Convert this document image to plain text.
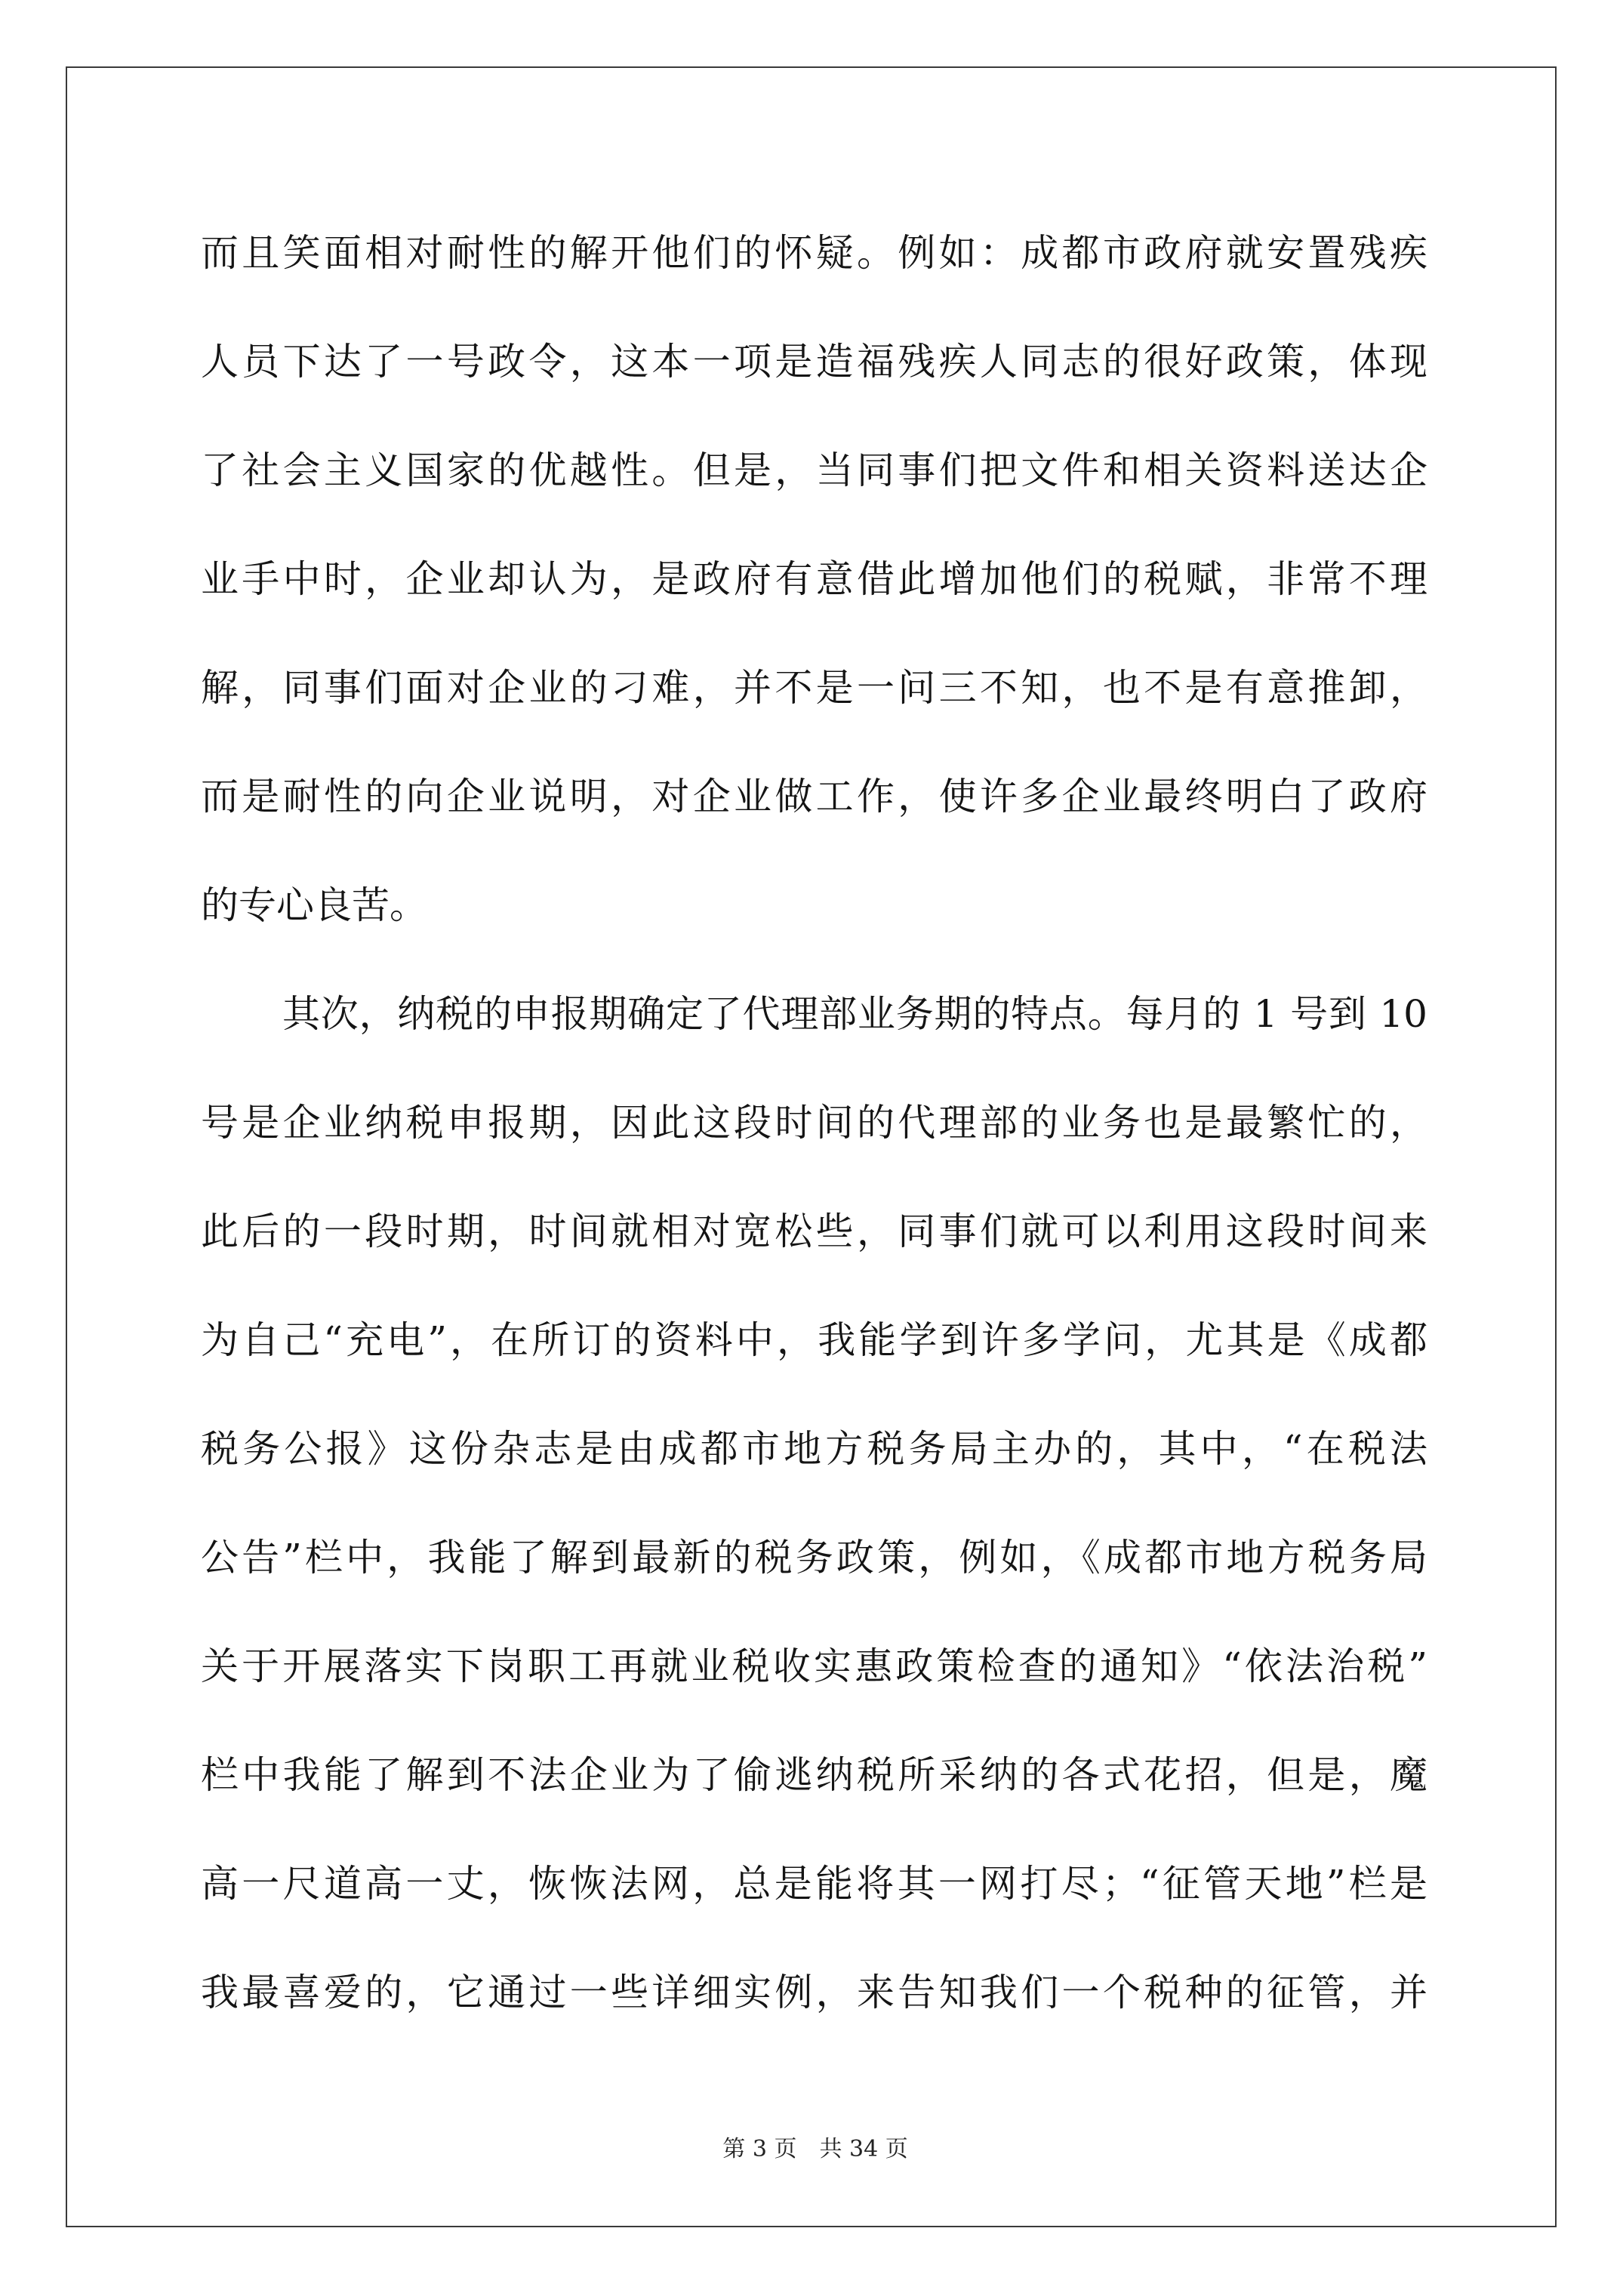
而且笑面相对耐性的解开他们的怀疑。例如：成都市政府就安置残疾
人员下达了一号政令，这本一项是造福残疾人同志的很好政策，体现
了社会主义国家的优越性。但是，当同事们把文件和相关资料送达企
业手中时，企业却认为，是政府有意借此增加他们的税赋，非常不理
解，同事们面对企业的刁难，并不是一问三不知，也不是有意推卸，
而是耐性的向企业说明，对企业做工作，使许多企业最终明白了政府
的专心良苦。
其次，纳税的申报期确定了代理部业务期的特点。每月的 1 号到 10
号是企业纳税申报期，因此这段时间的代理部的业务也是最繁忙的，
此后的一段时期，时间就相对宽松些，同事们就可以利用这段时间来
为自己“充电”，在所订的资料中，我能学到许多学问，尤其是《成都
税务公报》这份杂志是由成都市地方税务局主办的，其中，“在税法
公告”栏中，我能了解到最新的税务政策，例如，《成都市地方税务局
关于开展落实下岗职工再就业税收实惠政策检查的通知》“依法治税”
栏中我能了解到不法企业为了偷逃纳税所采纳的各式花招，但是，魔
高一尺道高一丈，恢恢法网，总是能将其一网打尽；“征管天地”栏是
我最喜爱的，它通过一些详细实例，来告知我们一个税种的征管，并
第 3 页　共 34 页
